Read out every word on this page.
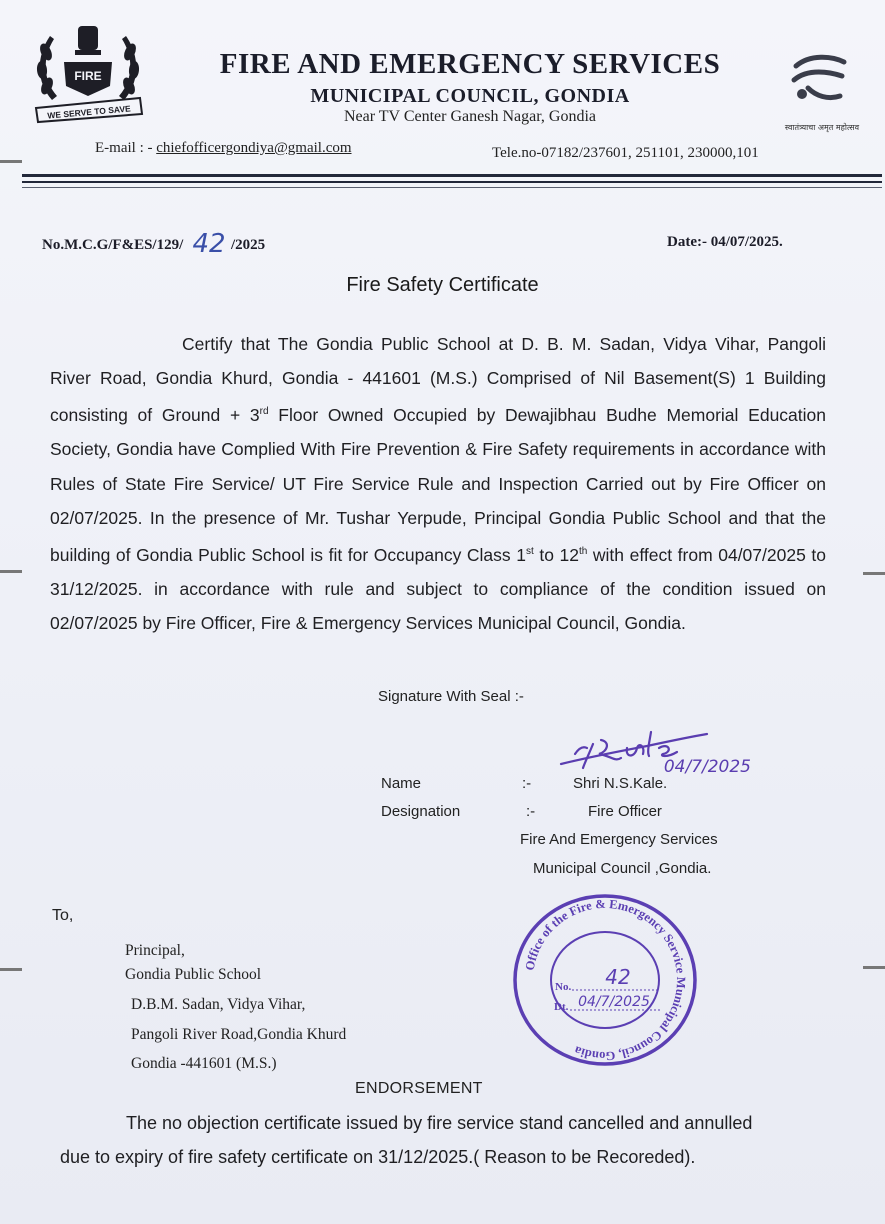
FIRE
WE SERVE TO SAVE
FIRE AND EMERGENCY SERVICES
MUNICIPAL COUNCIL, GONDIA
Near TV Center Ganesh Nagar, Gondia
स्वातंत्र्याचा अमृत महोत्सव
E-mail : - chiefofficergondiya@gmail.com	Tele.no-07182/237601, 251101, 230000,101
No.M.C.G/F&ES/129/ 42 /2025	Date:- 04/07/2025.
Fire Safety Certificate
Certify that The Gondia Public School at D. B. M. Sadan, Vidya Vihar, Pangoli River Road, Gondia Khurd, Gondia - 441601 (M.S.) Comprised of Nil Basement(S) 1 Building consisting of Ground + 3rd Floor Owned Occupied by Dewajibhau Budhe Memorial Education Society, Gondia have Complied With Fire Prevention & Fire Safety requirements in accordance with Rules of State Fire Service/ UT Fire Service Rule and Inspection Carried out by Fire Officer on 02/07/2025. In the presence of Mr. Tushar Yerpude, Principal Gondia Public School and that the building of Gondia Public School is fit for Occupancy Class 1st to 12th with effect from 04/07/2025 to 31/12/2025. in accordance with rule and subject to compliance of the condition issued on 02/07/2025 by Fire Officer, Fire & Emergency Services Municipal Council, Gondia.
Signature With Seal :-
04/7/2025
Name	:-	Shri N.S.Kale.
Designation	:-	Fire Officer
Fire And Emergency Services
Municipal Council ,Gondia.
To,
Principal,
Gondia Public School
D.B.M. Sadan, Vidya Vihar,
Pangoli River Road,Gondia Khurd
Gondia -441601 (M.S.)
Office of the Fire & Emergency Service Municipal Council, Gondia
No. 42
Dt. 04/7/2025
ENDORSEMENT
The no objection certificate issued by fire service stand cancelled and annulled
due to expiry of fire safety certificate on 31/12/2025.( Reason to be Recoreded).
